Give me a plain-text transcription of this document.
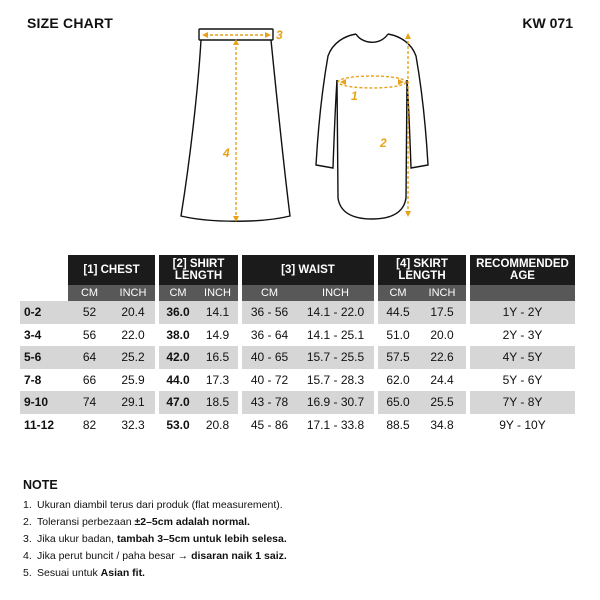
SIZE CHART	KW 071
3
4
1
2
	[1] CHEST			[2] SHIRT
LENGTH			[3] WAIST			[4] SKIRT
LENGTH			RECOMMENDED
AGE
	CM	INCH		CM	INCH		CM	INCH		CM	INCH		
0-2	52	20.4		36.0	14.1		36 - 56	14.1 - 22.0		44.5	17.5		1Y - 2Y
3-4	56	22.0		38.0	14.9		36 - 64	14.1 - 25.1		51.0	20.0		2Y - 3Y
5-6	64	25.2		42.0	16.5		40 - 65	15.7 - 25.5		57.5	22.6		4Y - 5Y
7-8	66	25.9		44.0	17.3		40 - 72	15.7 - 28.3		62.0	24.4		5Y - 6Y
9-10	74	29.1		47.0	18.5		43 - 78	16.9 - 30.7		65.0	25.5		7Y - 8Y
11-12	82	32.3		53.0	20.8		45 - 86	17.1 - 33.8		88.5	34.8		9Y - 10Y
NOTE
1. Ukuran diambil terus dari produk (flat measurement).
2. Toleransi perbezaan ±2–5cm adalah normal.
3. Jika ukur badan, tambah 3–5cm untuk lebih selesa.
4. Jika perut buncit / paha besar → disaran naik 1 saiz.
5. Sesuai untuk Asian fit.
